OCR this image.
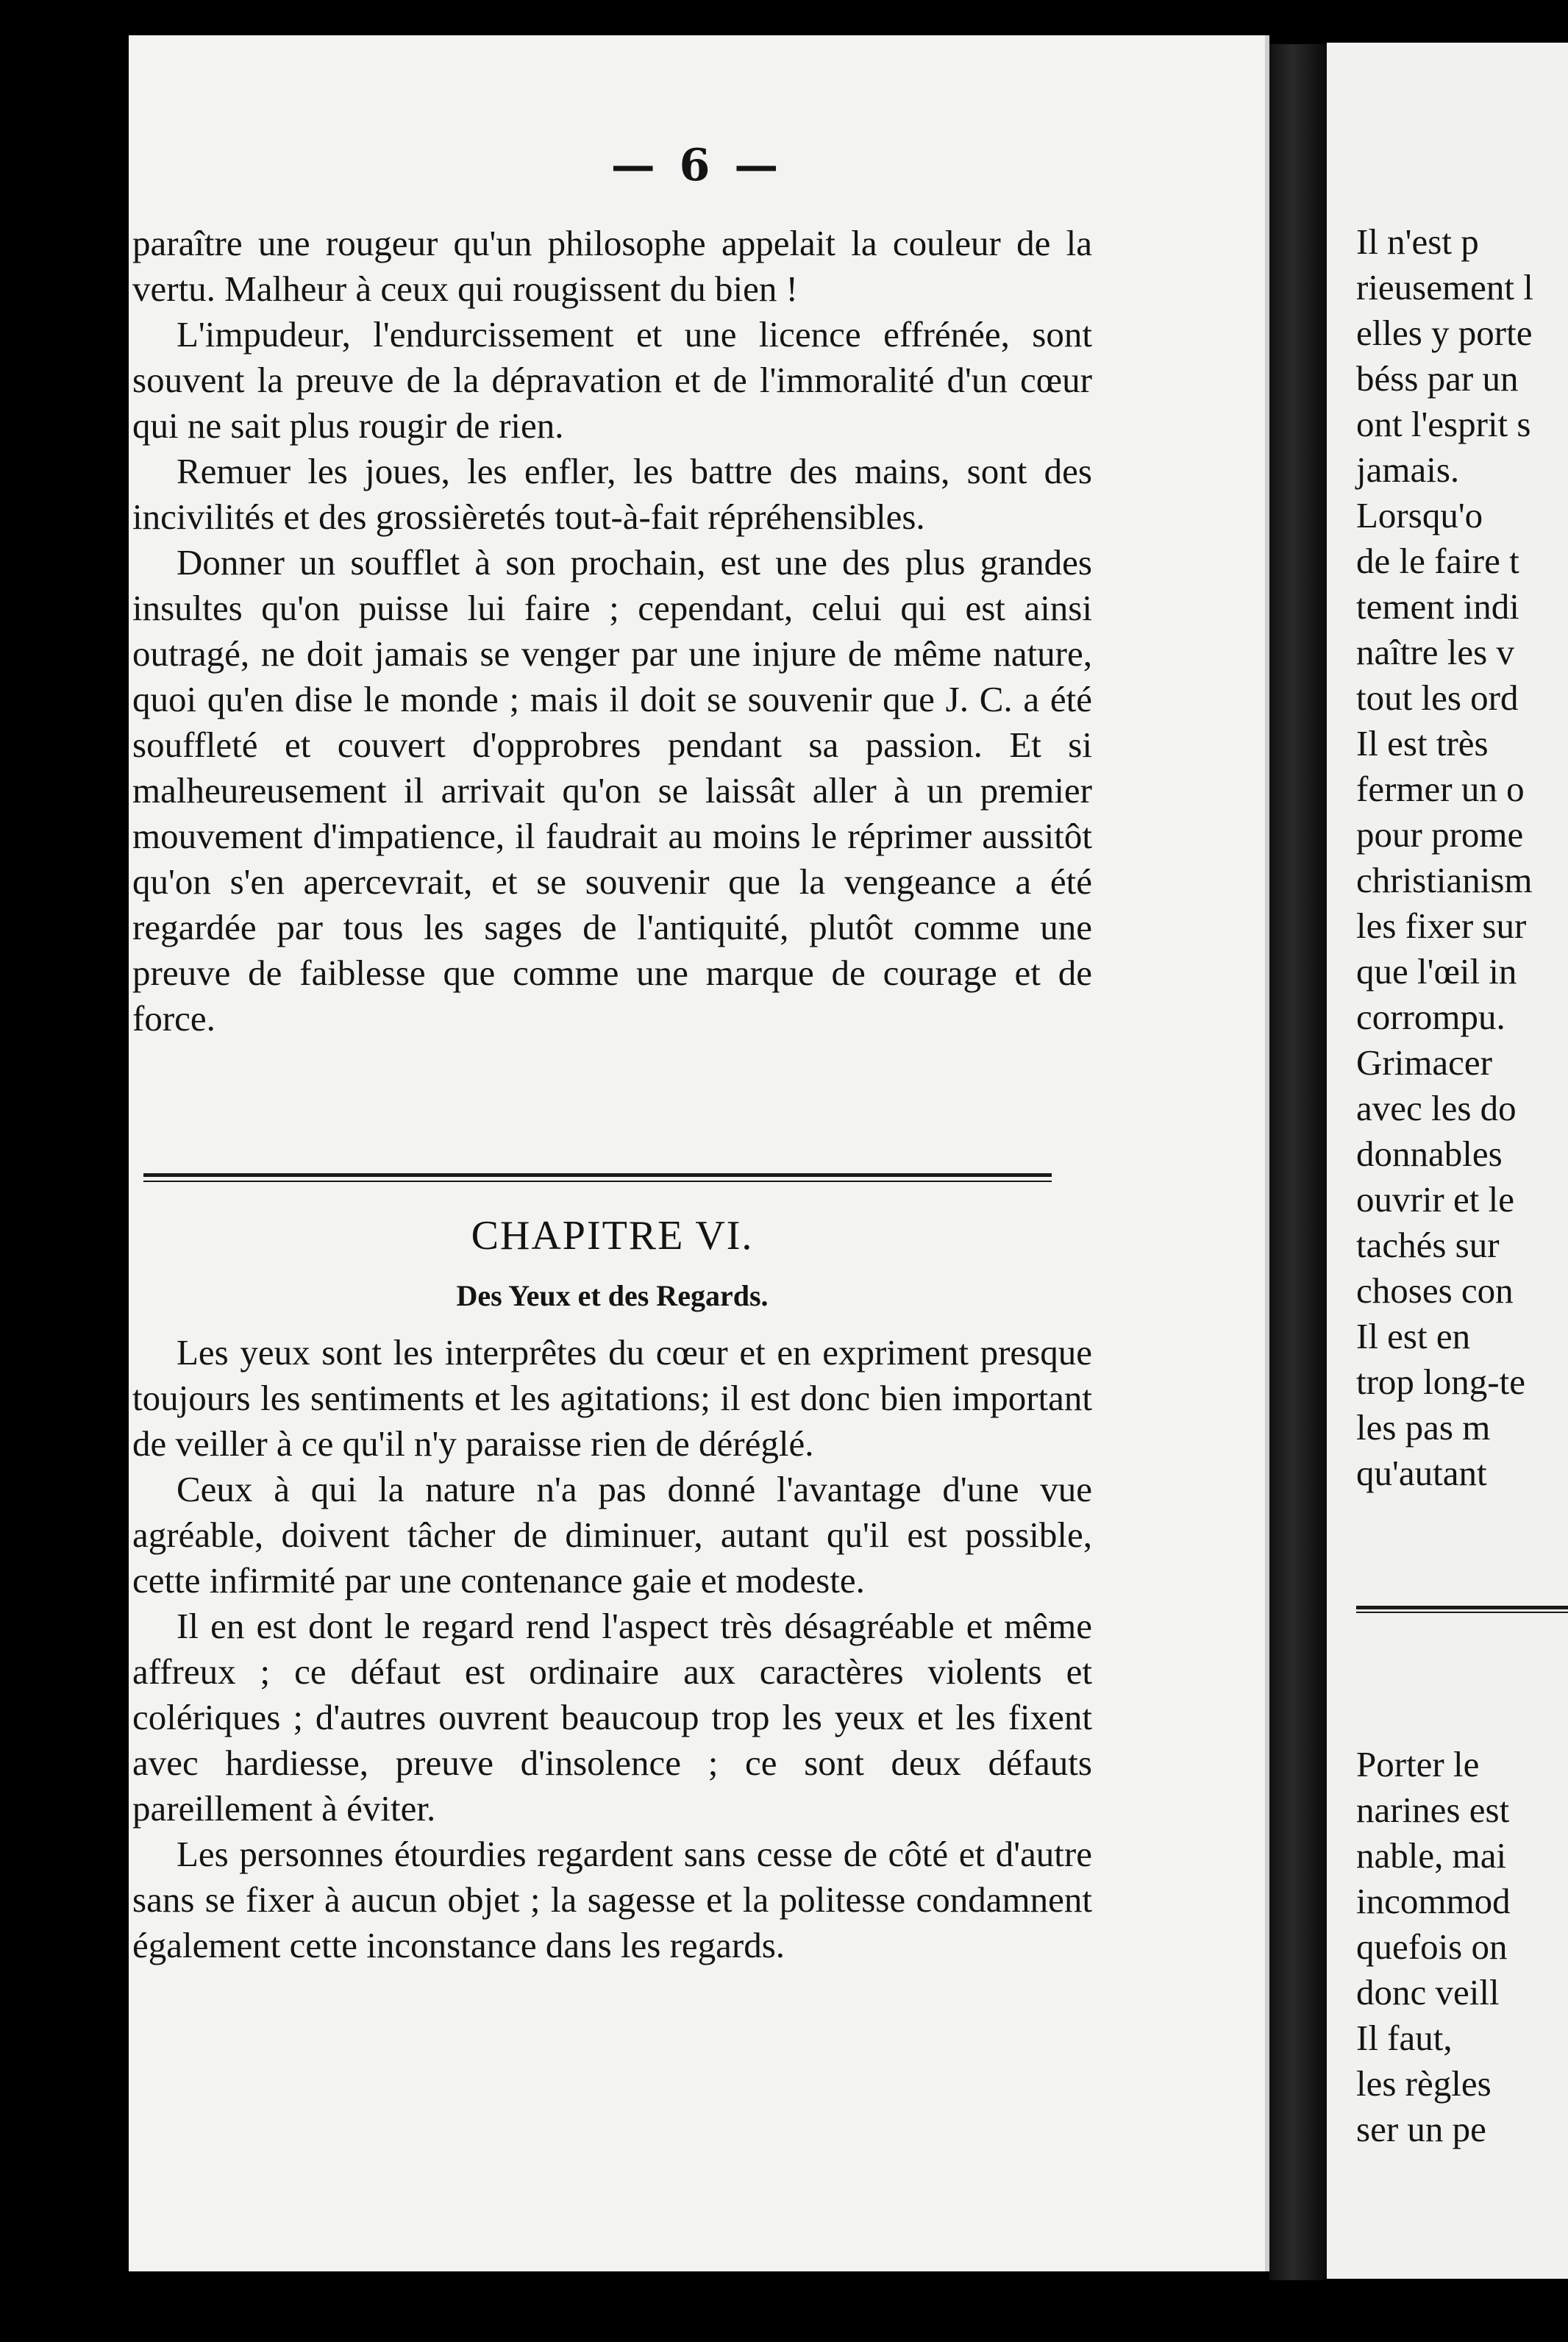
Il n'est p
rieusement l
elles y porte
béss par un
ont l'esprit s
jamais.
Lorsqu'o
de le faire t
tement indi
naître les v
tout les ord
Il est très
fermer un o
pour prome
christianism
les fixer sur
que l'œil in
corrompu.
Grimacer
avec les do
donnables
ouvrir et le
tachés sur
choses con
Il est en
trop long-te
les pas m
qu'autant
Porter le
narines est
nable, mai
incommod
quefois on
donc veill
Il faut,
les règles
ser un pe
— 6 —

paraître une rougeur qu'un philosophe appelait la couleur de la vertu. Malheur à ceux qui rougissent du bien !

L'impudeur, l'endurcissement et une licence effrénée, sont souvent la preuve de la dépravation et de l'immoralité d'un cœur qui ne sait plus rougir de rien.

Remuer les joues, les enfler, les battre des mains, sont des incivilités et des grossièretés tout-à-fait répréhensibles.

Donner un soufflet à son prochain, est une des plus grandes insultes qu'on puisse lui faire ; cependant, celui qui est ainsi outragé, ne doit jamais se venger par une injure de même nature, quoi qu'en dise le monde ; mais il doit se souvenir que J. C. a été souffleté et couvert d'opprobres pendant sa passion. Et si malheureusement il arrivait qu'on se laissât aller à un premier mouvement d'impatience, il faudrait au moins le réprimer aussitôt qu'on s'en apercevrait, et se souvenir que la vengeance a été regardée par tous les sages de l'antiquité, plutôt comme une preuve de faiblesse que comme une marque de courage et de force.

CHAPITRE VI.
Des Yeux et des Regards.

Les yeux sont les interprêtes du cœur et en expriment presque toujours les sentiments et les agitations; il est donc bien important de veiller à ce qu'il n'y paraisse rien de déréglé.

Ceux à qui la nature n'a pas donné l'avantage d'une vue agréable, doivent tâcher de diminuer, autant qu'il est possible, cette infirmité par une contenance gaie et modeste.

Il en est dont le regard rend l'aspect très désagréable et même affreux ; ce défaut est ordinaire aux caractères violents et colériques ; d'autres ouvrent beaucoup trop les yeux et les fixent avec hardiesse, preuve d'insolence ; ce sont deux défauts pareillement à éviter.

Les personnes étourdies regardent sans cesse de côté et d'autre sans se fixer à aucun objet ; la sagesse et la politesse condamnent également cette inconstance dans les regards.
